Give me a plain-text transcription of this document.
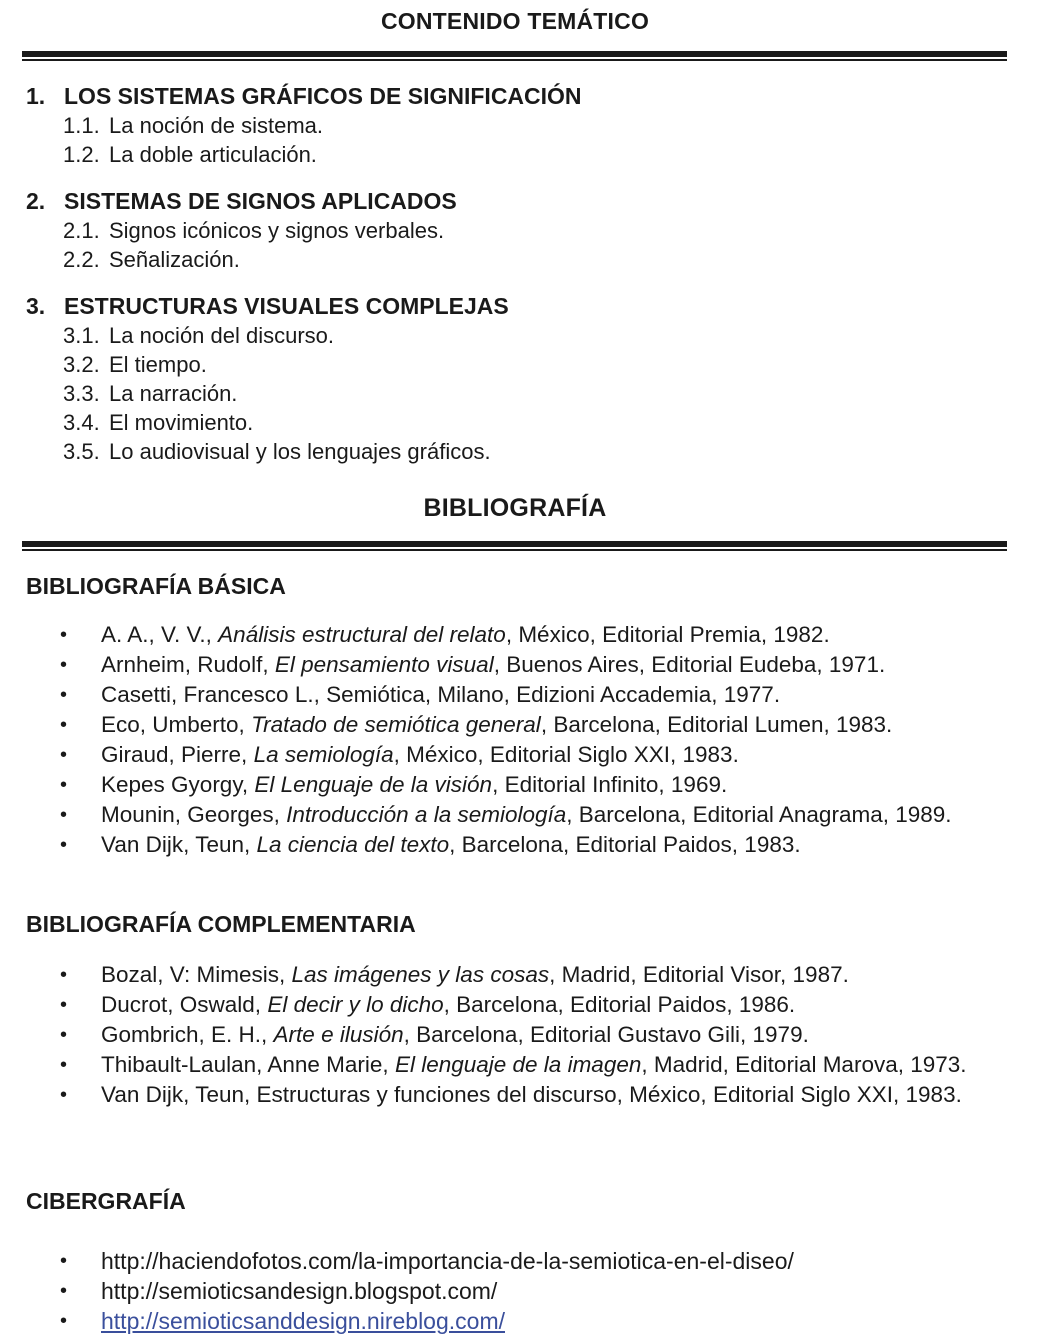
CONTENIDO TEMÁTICO
1. LOS SISTEMAS GRÁFICOS DE SIGNIFICACIÓN
1.1. La noción de sistema.
1.2. La doble articulación.
2. SISTEMAS DE SIGNOS APLICADOS
2.1. Signos icónicos y signos verbales.
2.2. Señalización.
3. ESTRUCTURAS VISUALES COMPLEJAS
3.1. La noción del discurso.
3.2. El tiempo.
3.3. La narración.
3.4. El movimiento.
3.5. Lo audiovisual y los lenguajes gráficos.
BIBLIOGRAFÍA
BIBLIOGRAFÍA BÁSICA
•	A. A., V. V., Análisis estructural del relato, México, Editorial Premia, 1982.
•	Arnheim, Rudolf, El pensamiento visual, Buenos Aires, Editorial Eudeba, 1971.
•	Casetti, Francesco L., Semiótica, Milano, Edizioni Accademia, 1977.
•	Eco, Umberto, Tratado de semiótica general, Barcelona, Editorial Lumen, 1983.
•	Giraud, Pierre, La semiología, México, Editorial Siglo XXI, 1983.
•	Kepes Gyorgy, El Lenguaje de la visión, Editorial Infinito, 1969.
•	Mounin, Georges, Introducción a la semiología, Barcelona, Editorial Anagrama, 1989.
•	Van Dijk, Teun, La ciencia del texto, Barcelona, Editorial Paidos, 1983.
BIBLIOGRAFÍA COMPLEMENTARIA
•	Bozal, V: Mimesis, Las imágenes y las cosas, Madrid, Editorial Visor, 1987.
•	Ducrot, Oswald, El decir y lo dicho, Barcelona, Editorial Paidos, 1986.
•	Gombrich, E. H., Arte e ilusión, Barcelona, Editorial Gustavo Gili, 1979.
•	Thibault-Laulan, Anne Marie, El lenguaje de la imagen, Madrid, Editorial Marova, 1973.
•	Van Dijk, Teun, Estructuras y funciones del discurso, México, Editorial Siglo XXI, 1983.
CIBERGRAFÍA
•	http://haciendofotos.com/la-importancia-de-la-semiotica-en-el-diseo/
•	http://semioticsandesign.blogspot.com/
•	http://semioticsanddesign.nireblog.com/
